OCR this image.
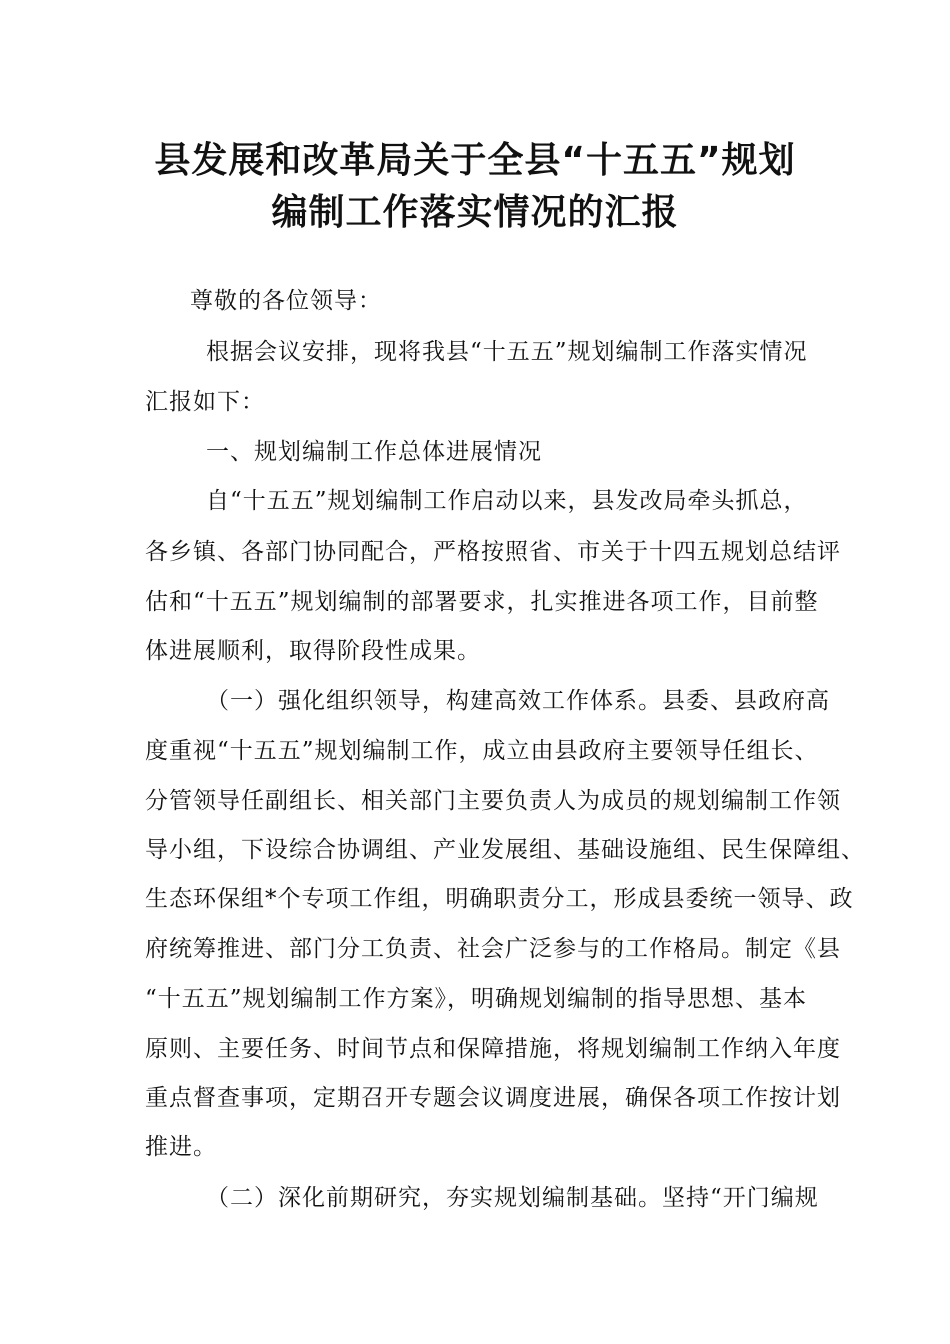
县发展和改革局关于全县“十五五”规划
编制工作落实情况的汇报
尊敬的各位领导：
根据会议安排，现将我县“十五五”规划编制工作落实情况
汇报如下：
一、规划编制工作总体进展情况
自“十五五”规划编制工作启动以来，县发改局牵头抓总，
各乡镇、各部门协同配合，严格按照省、市关于十四五规划总结评
估和“十五五”规划编制的部署要求，扎实推进各项工作，目前整
体进展顺利，取得阶段性成果。
（一）强化组织领导，构建高效工作体系。县委、县政府高
度重视“十五五”规划编制工作，成立由县政府主要领导任组长、
分管领导任副组长、相关部门主要负责人为成员的规划编制工作领
导小组，下设综合协调组、产业发展组、基础设施组、民生保障组、
生态环保组*个专项工作组，明确职责分工，形成县委统一领导、政
府统筹推进、部门分工负责、社会广泛参与的工作格局。制定《县
“十五五”规划编制工作方案》，明确规划编制的指导思想、基本
原则、主要任务、时间节点和保障措施，将规划编制工作纳入年度
重点督查事项，定期召开专题会议调度进展，确保各项工作按计划
推进。
（二）深化前期研究，夯实规划编制基础。坚持“开门编规
